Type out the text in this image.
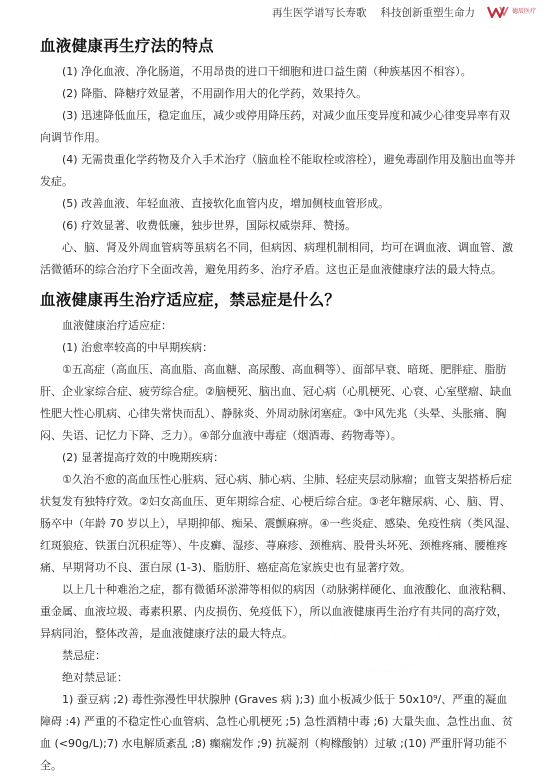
再生医学谱写长寿歌 科技创新重塑生命力	德辰医疗
血液健康再生疗法的特点

(1) 净化血液、净化肠道，不用昂贵的进口干细胞和进口益生菌（种族基因不相容）。

(2) 降脂、降糖疗效显著，不用副作用大的化学药，效果持久。

(3) 迅速降低血压，稳定血压，减少或停用降压药，对减少血压变异度和减少心律变异率有双向调节作用。

(4) 无需贵重化学药物及介入手术治疗（脑血栓不能取栓或溶栓），避免毒副作用及脑出血等并发症。

(5) 改善血液、年轻血液、直接软化血管内皮，增加侧枝血管形成。

(6) 疗效显著、收费低廉，独步世界，国际权威崇拜、赞扬。

心、脑、肾及外周血管病等虽病名不同，但病因、病理机制相同，均可在调血液、调血管、激活微循环的综合治疗下全面改善，避免用药多、治疗矛盾。这也正是血液健康疗法的最大特点。

血液健康再生治疗适应症，禁忌症是什么？

血液健康治疗适应症：

(1) 治愈率较高的中早期疾病：

①五高症（高血压、高血脂、高血糖、高尿酸、高血稠等）、面部早衰、暗斑、肥胖症、脂肪肝、企业家综合症、疲劳综合症。②脑梗死、脑出血、冠心病（心肌梗死、心衰、心室壁瘤、缺血性肥大性心肌病、心律失常快而乱）、静脉炎、外周动脉闭塞症。③中风先兆（头晕、头胀痛、胸闷、失语、记忆力下降、乏力）。④部分血液中毒症（烟酒毒、药物毒等）。

(2) 显著提高疗效的中晚期疾病：

①久治不愈的高血压性心脏病、冠心病、肺心病、尘肺、轻症夹层动脉瘤；血管支架搭桥后症状复发有独特疗效。②妇女高血压、更年期综合症、心梗后综合症。③老年糖尿病、心、脑、胃、肠卒中（年龄 70 岁以上），早期抑郁、痴呆、震颤麻痹。④一些炎症、感染、免疫性病（类风湿、红斑狼疮、铁蛋白沉积症等）、牛皮癣、湿疹、荨麻疹、颈椎病、股骨头坏死、颈椎疼痛、腰椎疼痛、早期肾功不良、蛋白尿 (1-3)、脂肪肝、癌症高危家族史也有显著疗效。

以上几十种难治之症，都有微循环淤滞等相似的病因（动脉粥样硬化、血液酸化、血液粘稠、重金属、血液垃圾、毒素积累、内皮损伤、免疫低下），所以血液健康再生治疗有共同的高疗效，异病同治，整体改善，是血液健康疗法的最大特点。

禁忌症：

绝对禁忌证：

1) 蚕豆病 ;2) 毒性弥漫性甲状腺肿 (Graves 病 );3) 血小板减少低于 50x10⁹/、严重的凝血障碍 :4) 严重的不稳定性心血管病、急性心肌梗死 ;5) 急性酒精中毒 ;6) 大量失血、急性出血、贫血 (<90g/L);7) 水电解质紊乱 ;8) 癫痫发作 ;9) 抗凝剂（枸橼酸钠）过敏 ;(10) 严重肝肾功能不全。
